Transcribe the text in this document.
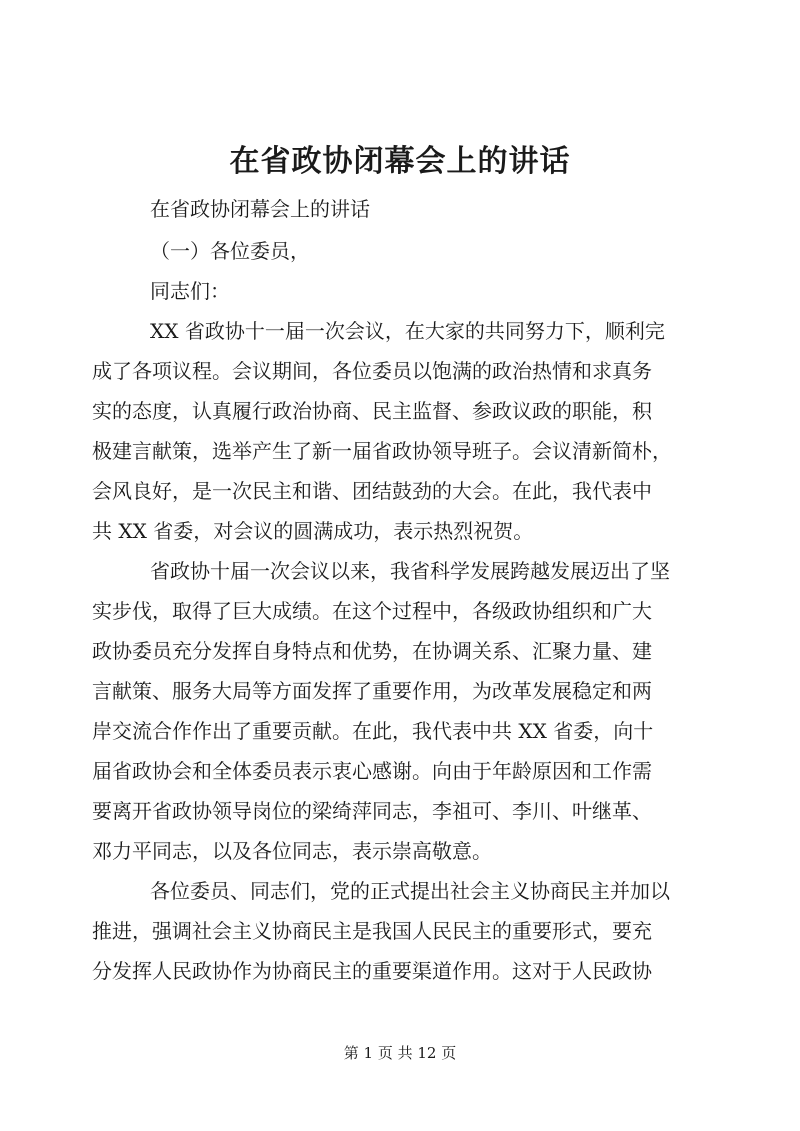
在省政协闭幕会上的讲话
在省政协闭幕会上的讲话
（一）各位委员，
同志们：
XX 省政协十一届一次会议，在大家的共同努力下，顺利完
成了各项议程。会议期间，各位委员以饱满的政治热情和求真务
实的态度，认真履行政治协商、民主监督、参政议政的职能，积
极建言献策，选举产生了新一届省政协领导班子。会议清新简朴，
会风良好，是一次民主和谐、团结鼓劲的大会。在此，我代表中
共 XX 省委，对会议的圆满成功，表示热烈祝贺。
省政协十届一次会议以来，我省科学发展跨越发展迈出了坚
实步伐，取得了巨大成绩。在这个过程中，各级政协组织和广大
政协委员充分发挥自身特点和优势，在协调关系、汇聚力量、建
言献策、服务大局等方面发挥了重要作用，为改革发展稳定和两
岸交流合作作出了重要贡献。在此，我代表中共 XX 省委，向十
届省政协会和全体委员表示衷心感谢。向由于年龄原因和工作需
要离开省政协领导岗位的梁绮萍同志，李祖可、李川、叶继革、
邓力平同志，以及各位同志，表示崇高敬意。
各位委员、同志们，党的正式提出社会主义协商民主并加以
推进，强调社会主义协商民主是我国人民民主的重要形式，要充
分发挥人民政协作为协商民主的重要渠道作用。这对于人民政协
第 1 页 共 12 页
